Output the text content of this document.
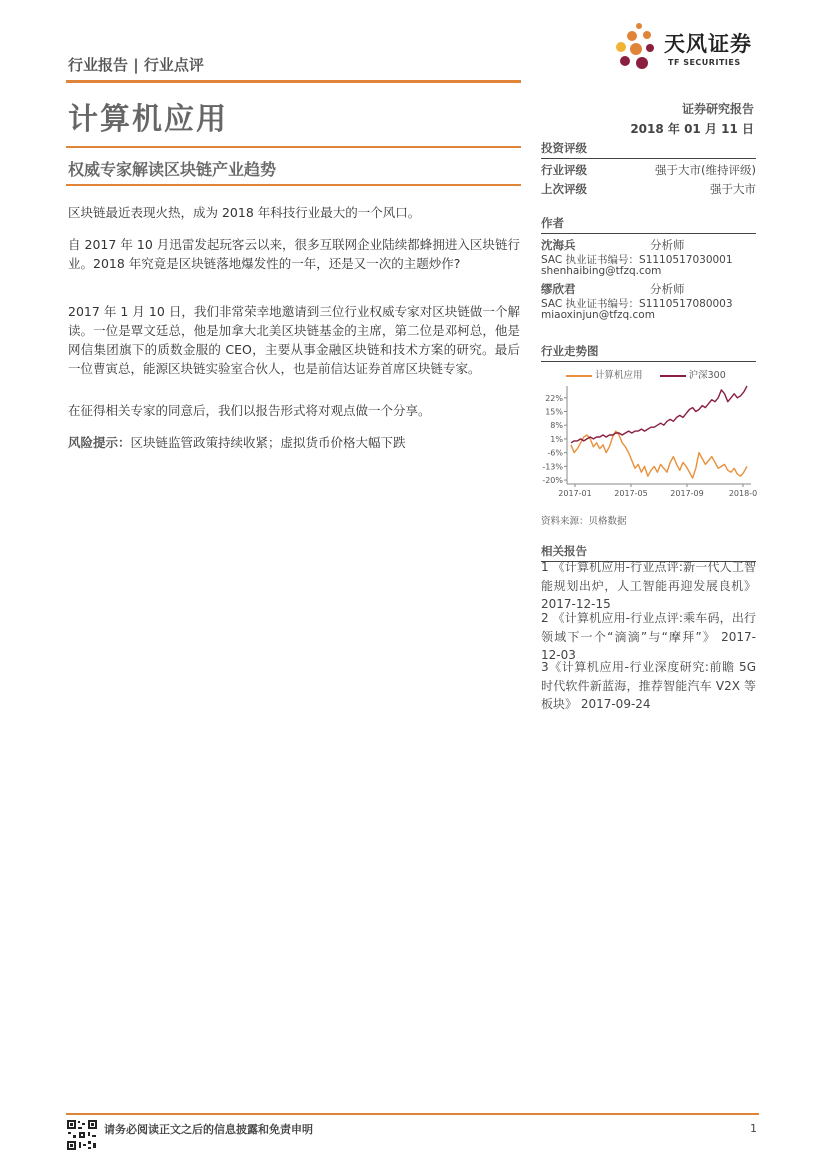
行业报告 | 行业点评
天风证券
TF SECURITIES
计算机应用	证券研究报告
2018 年 01 月 11 日
权威专家解读区块链产业趋势
区块链最近表现火热，成为 2018 年科技行业最大的一个风口。
自 2017 年 10 月迅雷发起玩客云以来，很多互联网企业陆续都蜂拥进入区块链行业。2018 年究竟是区块链落地爆发性的一年，还是又一次的主题炒作?
2017 年 1 月 10 日，我们非常荣幸地邀请到三位行业权威专家对区块链做一个解读。一位是覃文廷总，他是加拿大北美区块链基金的主席，第二位是邓柯总，他是网信集团旗下的质数金服的 CEO，主要从事金融区块链和技术方案的研究。最后一位曹寅总，能源区块链实验室合伙人，也是前信达证券首席区块链专家。
在征得相关专家的同意后，我们以报告形式将对观点做一个分享。
风险提示：区块链监管政策持续收紧；虚拟货币价格大幅下跌
投资评级
行业评级	强于大市(维持评级)
上次评级	强于大市
作者
沈海兵	分析师
SAC 执业证书编号：S1110517030001
shenhaibing@tfzq.com
缪欣君	分析师
SAC 执业证书编号：S1110517080003
miaoxinjun@tfzq.com
行业走势图
计算机应用	沪深300
22%
15%
8%
1%
-6%
-13%
-20%
2017-01	2017-05	2017-09	2018-0
资料来源：贝格数据
相关报告
1 《计算机应用-行业点评:新一代人工智能规划出炉，人工智能再迎发展良机》 2017-12-15
2 《计算机应用-行业点评:乘车码，出行领域下一个“滴滴”与“摩拜”》 2017-12-03
3《计算机应用-行业深度研究:前瞻 5G 时代软件新蓝海，推荐智能汽车 V2X 等板块》 2017-09-24
请务必阅读正文之后的信息披露和免责申明	1
